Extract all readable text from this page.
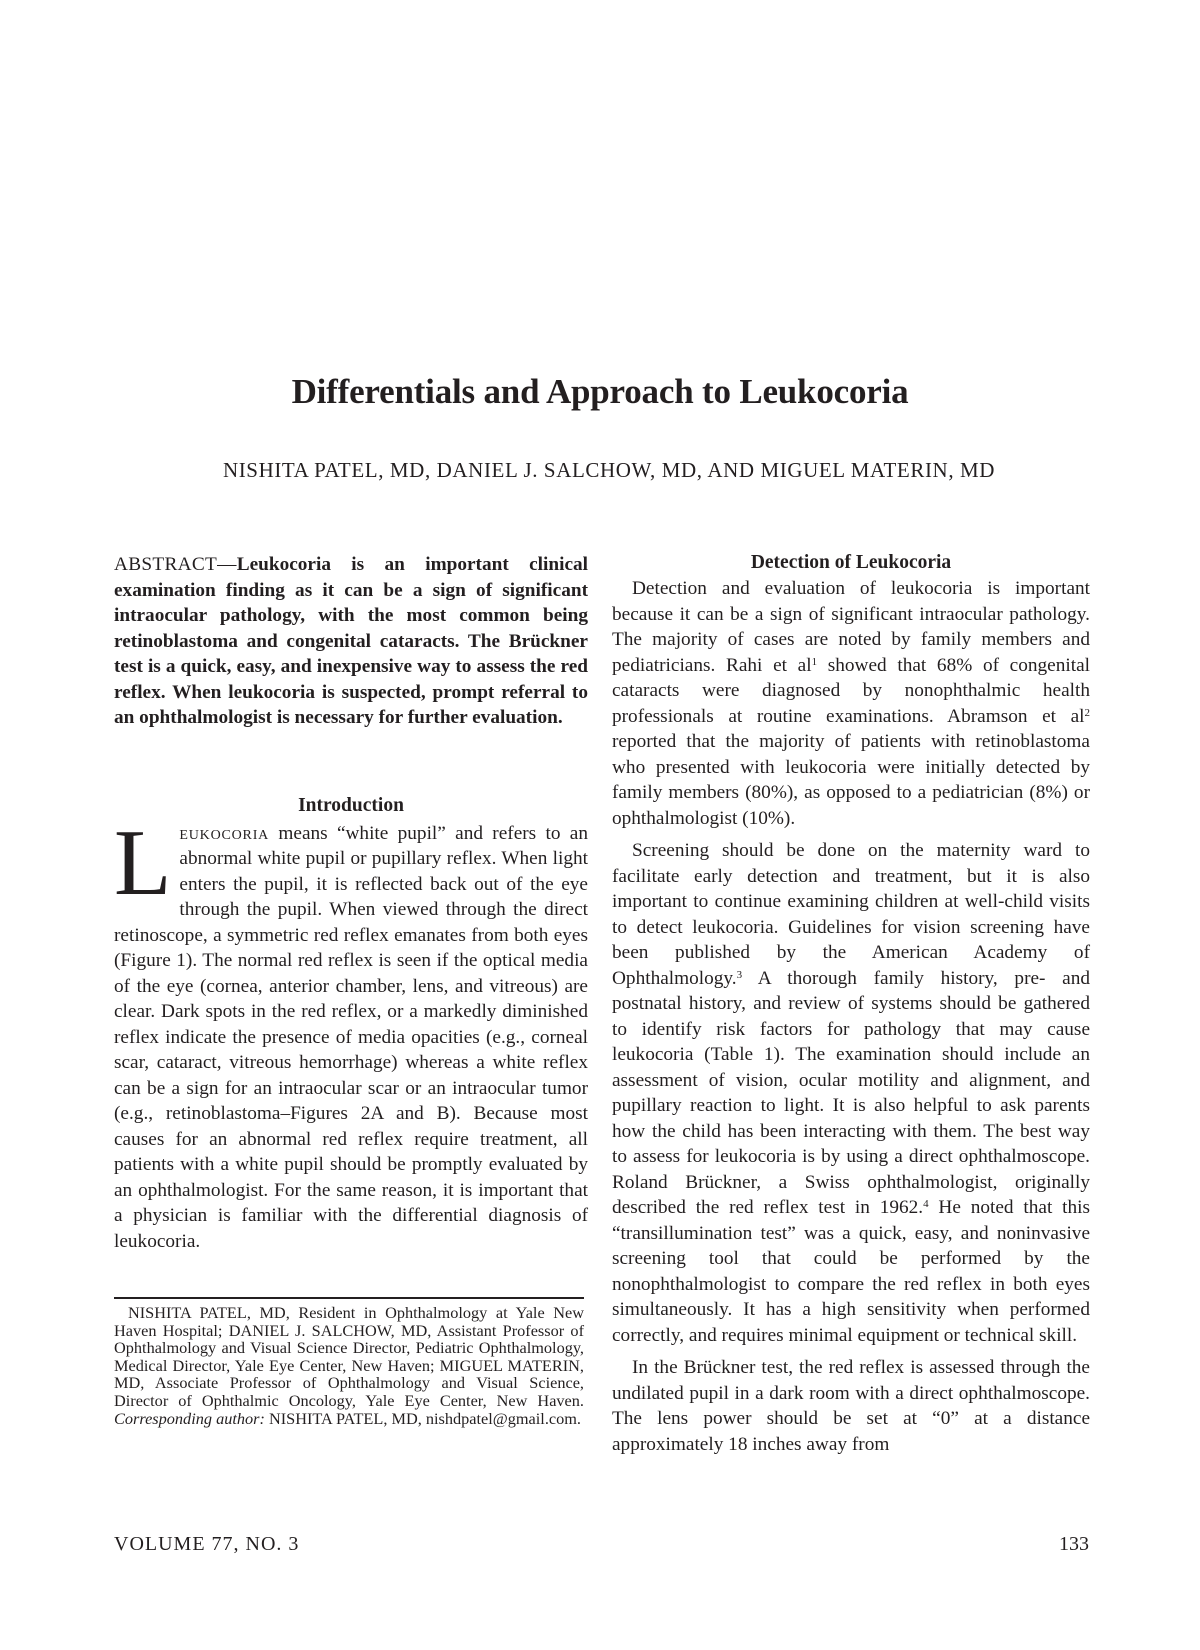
Differentials and Approach to Leukocoria

NISHITA PATEL, MD, DANIEL J. SALCHOW, MD, AND MIGUEL MATERIN, MD

ABSTRACT—Leukocoria is an important clinical examination finding as it can be a sign of significant intraocular pathology, with the most common being retinoblastoma and congenital cataracts. The Brückner test is a quick, easy, and inexpensive way to assess the red reflex. When leukocoria is suspected, prompt referral to an ophthalmologist is necessary for further evaluation.

Introduction

Leukocoria means “white pupil” and refers to an abnormal white pupil or pupillary reflex. When light enters the pupil, it is reflected back out of the eye through the pupil. When viewed through the direct retinoscope, a symmetric red reflex emanates from both eyes (Figure 1). The normal red reflex is seen if the optical media of the eye (cornea, anterior chamber, lens, and vitreous) are clear. Dark spots in the red reflex, or a markedly diminished reflex indicate the presence of media opacities (e.g., corneal scar, cataract, vitreous hemorrhage) whereas a white reflex can be a sign for an intraocular scar or an intraocular tumor (e.g., retinoblastoma–Figures 2A and B). Because most causes for an abnormal red reflex require treatment, all patients with a white pupil should be promptly evaluated by an ophthalmologist. For the same reason, it is important that a physician is familiar with the differential diagnosis of leukocoria.

Detection of Leukocoria

Detection and evaluation of leukocoria is important because it can be a sign of significant intraocular pathology. The majority of cases are noted by family members and pediatricians. Rahi et $al^1$ showed that 68% of congenital cataracts were diagnosed by nonophthalmic health professionals at routine examinations. Abramson et $al^2$ reported that the majority of patients with retinoblastoma who presented with leukocoria were initially detected by family members (80%), as opposed to a pediatrician (8%) or ophthalmologist (10%).

Screening should be done on the maternity ward to facilitate early detection and treatment, but it is also important to continue examining children at well-child visits to detect leukocoria. Guidelines for vision screening have been published by the American Academy of Ophthalmology.$^3$ A thorough family history, pre- and postnatal history, and review of systems should be gathered to identify risk factors for pathology that may cause leukocoria (Table 1). The examination should include an assessment of vision, ocular motility and alignment, and pupillary reaction to light. It is also helpful to ask parents how the child has been interacting with them. The best way to assess for leukocoria is by using a direct ophthalmoscope. Roland Brückner, a Swiss ophthalmologist, originally described the red reflex test in 1962.$^4$ He noted that this “transillumination test” was a quick, easy, and noninvasive screening tool that could be performed by the nonophthalmologist to compare the red reflex in both eyes simultaneously. It has a high sensitivity when performed correctly, and requires minimal equipment or technical skill.

In the Brückner test, the red reflex is assessed through the undilated pupil in a dark room with a direct ophthalmoscope. The lens power should be set at “0” at a distance approximately 18 inches away from

NISHITA PATEL, MD, Resident in Ophthalmology at Yale New Haven Hospital; DANIEL J. SALCHOW, MD, Assistant Professor of Ophthalmology and Visual Science Director, Pediatric Ophthalmology, Medical Director, Yale Eye Center, New Haven; MIGUEL MATERIN, MD, Associate Professor of Ophthalmology and Visual Science, Director of Ophthalmic Oncology, Yale Eye Center, New Haven. Corresponding author: NISHITA PATEL, MD, nishdpatel@gmail.com.

VOLUME 77, NO. 3	133
